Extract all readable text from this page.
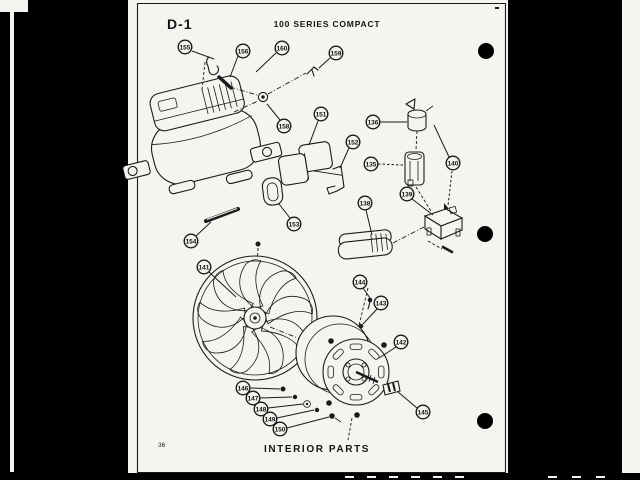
D-1	100 SERIES COMPACT
36	INTERIOR PARTS
155
156	160
159
158
151
152
136
135	140
138
139
153
154
141
144
143
142
145
146
147
148
149
150
